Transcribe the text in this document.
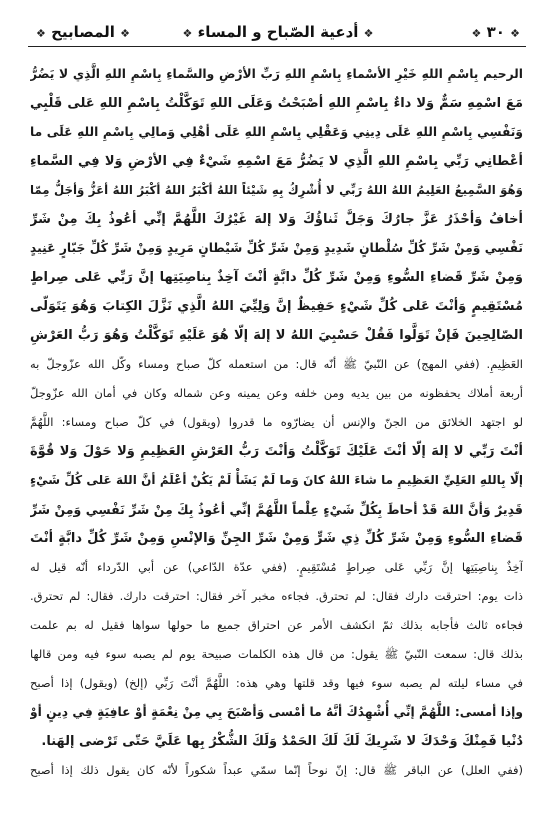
❖ ٣٠ ❖
❖ أدعية الصّباح و المساء ❖
❖ المصابيح ❖
الرحيم بِاسْمِ اللهِ خَيْرِ الأسْماءِ بِاسْمِ اللهِ رَبِّ الأرْضِ والسَّماءِ بِاسْمِ اللهِ الَّذِي لا يَضُرُّ
مَعَ اسْمِهِ سَمٌّ وَلا داءٌ بِاسْمِ اللهِ أصْبَحْتُ وَعَلَى اللهِ تَوَكَّلْتُ بِاسْمِ اللهِ عَلى قَلْبِي
وَنَفْسِي بِاسْمِ اللهِ عَلَى دِينِي وَعَقْلِي بِاسْمِ اللهِ عَلَى أهْلِي وَمالِي بِاسْمِ اللهِ عَلَى ما
أعْطانِي رَبِّي بِاسْمِ اللهِ الَّذِي لا يَضُرُّ مَعَ اسْمِهِ شَيْءٌ فِي الأرْضِ وَلا فِي السَّماءِ
وَهُوَ السَّمِيعُ العَلِيمُ اللهُ اللهُ رَبِّي لا أُشْرِكُ بِهِ شَيْئاً اللهُ أكْبَرُ اللهُ أكْبَرُ اللهُ أعَزُّ وَأجَلُّ مِمّا
أخافُ وَأحْذَرُ عَزَّ جارُكَ وَجَلَّ ثَناؤُكَ وَلا إلهَ غَيْرُكَ اللَّهُمَّ إنِّي أعُوذُ بِكَ مِنْ شَرِّ
نَفْسِي وَمِنْ شَرِّ كُلِّ سُلْطانٍ شَدِيدٍ وَمِنْ شَرِّ كُلِّ شَيْطانٍ مَرِيدٍ وَمِنْ شَرِّ كُلِّ جَبّارٍ عَنِيدٍ
وَمِنْ شَرِّ قَضاءِ السُّوءِ وَمِنْ شَرِّ كُلِّ دابَّةٍ أنْتَ آخِذٌ بِناصِيَتِها إنَّ رَبِّي عَلى صِراطٍ
مُسْتَقِيمٍ وَأنْتَ عَلى كُلِّ شَيْءٍ حَفِيظٌ إنَّ وَلِيِّيَ اللهُ الَّذِي نَزَّلَ الكِتابَ وَهُوَ يَتَوَلّى
الصّالِحِينَ فَإنْ تَوَلَّوا فَقُلْ حَسْبِيَ اللهُ لا إلهَ إلّا هُوَ عَلَيْهِ تَوَكَّلْتُ وَهُوَ رَبُّ العَرْشِ
العَظِيمِ. (ففي المهج) عن النّبيّ ﷺ أنّه قال: من استعمله كلّ صباح ومساء وكّل الله عزّوجلّ به
أربعة أملاك يحفظونه من بين يديه ومن خلفه وعن يمينه وعن شماله وكان في أمان الله عزّوجلّ
لو اجتهد الخلائق من الجنّ والإنس أن يضارّوه ما قدروا (ويقول) في كلّ صباح ومساء: اللَّهُمَّ
أنْتَ رَبِّي لا إلهَ إلّا أنْتَ عَلَيْكَ تَوَكَّلْتُ وَأنْتَ رَبُّ العَرْشِ العَظِيمِ وَلا حَوْلَ وَلا قُوَّةَ
إلّا بِاللهِ العَلِيِّ العَظِيمِ ما شاءَ اللهُ كانَ وَما لَمْ يَشَأْ لَمْ يَكُنْ أعْلَمُ أنَّ اللهَ عَلى كُلِّ شَيْءٍ
قَدِيرٌ وَأنَّ اللهَ قَدْ أحاطَ بِكُلِّ شَيْءٍ عِلْماً اللَّهُمَّ إنِّي أعُوذُ بِكَ مِنْ شَرِّ نَفْسِي وَمِنْ شَرِّ
قَضاءِ السُّوءِ وَمِنْ شَرِّ كُلِّ ذِي شَرٍّ وَمِنْ شَرِّ الجِنِّ وَالإنْسِ وَمِنْ شَرِّ كُلِّ دابَّةٍ أنْتَ
آخِذٌ بِناصِيَتِها إنَّ رَبِّي عَلى صِراطٍ مُسْتَقِيمٍ. (ففي عدّة الدّاعي) عن أبي الدّرداء أنّه قيل له
ذات يوم: احترقت دارك فقال: لم تحترق. فجاءه مخبر آخر فقال: احترقت دارك. فقال: لم تحترق.
فجاءه ثالث فأجابه بذلك ثمّ انكشف الأمر عن احتراق جميع ما حولها سواها فقيل له بم علمت
بذلك قال: سمعت النّبيّ ﷺ يقول: من قال هذه الكلمات صبيحة يوم لم يصبه سوء فيه ومن قالها
في مساء ليلته لم يصبه سوء فيها وقد قلتها وهي هذه: اللَّهُمَّ أنْتَ رَبِّي (إلخ) (ويقول) إذا أصبح
وإذا أمسى: اللَّهُمَّ إنِّي أُشْهِدُكَ أنَّهُ ما أمْسى وَأصْبَحَ بِي مِنْ نِعْمَةٍ أوْ عافِيَةٍ فِي دِينٍ أوْ
دُنْيا فَمِنْكَ وَحْدَكَ لا شَرِيكَ لَكَ لَكَ الحَمْدُ وَلَكَ الشُّكْرُ بِها عَلَيَّ حَتّى تَرْضى إلهَنا.
(ففي العلل) عن الباقر ﷺ قال: إنّ نوحاً إنّما سمّي عبداً شكوراً لأنّه كان يقول ذلك إذا أصبح
